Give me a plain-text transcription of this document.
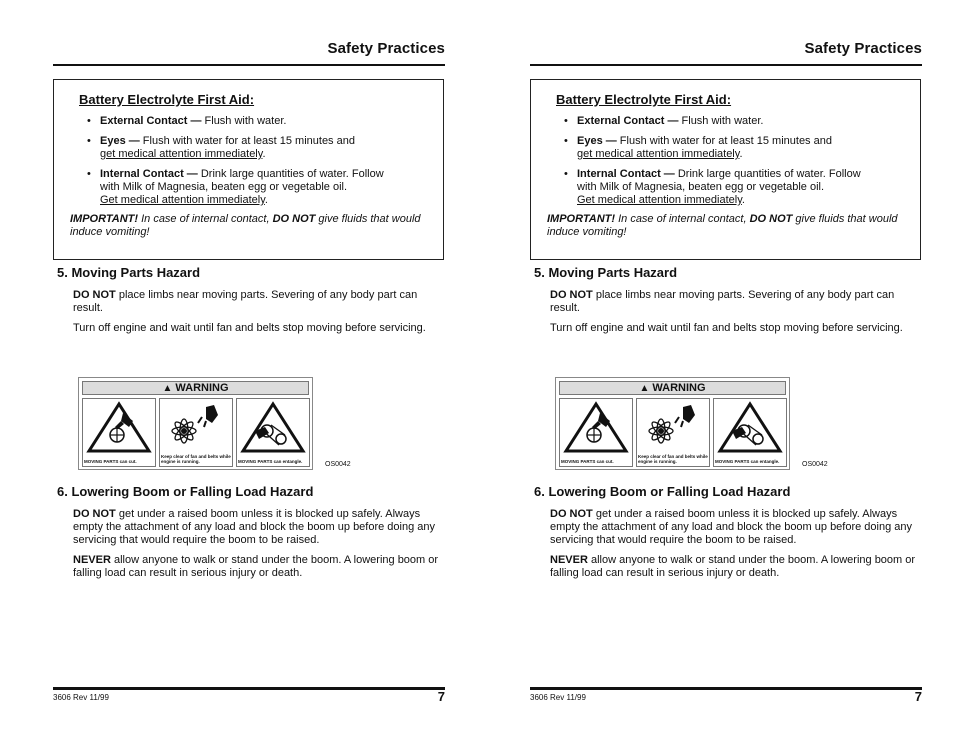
Safety Practices
Battery Electrolyte First Aid:
• External Contact — Flush with water.
• Eyes — Flush with water for at least 15 minutes and
get medical attention immediately.
• Internal Contact — Drink large quantities of water. Follow
with Milk of Magnesia, beaten egg or vegetable oil.
Get medical attention immediately.
IMPORTANT! In case of internal contact, DO NOT give fluids that would induce vomiting!
5. Moving Parts Hazard
DO NOT place limbs near moving parts. Severing of any body part can result.
Turn off engine and wait until fan and belts stop moving before servicing.
▲ WARNING
MOVING PARTS can cut.
Keep clear of fan and belts while engine is running.	MOVING PARTS can entangle.	OS0042
6. Lowering Boom or Falling Load Hazard
DO NOT get under a raised boom unless it is blocked up safely. Always empty the attachment of any load and block the boom up before doing any servicing that would require the boom to be raised.
NEVER allow anyone to walk or stand under the boom. A lowering boom or falling load can result in serious injury or death.
3606 Rev 11/99	7
Safety Practices
Battery Electrolyte First Aid:
• External Contact — Flush with water.
• Eyes — Flush with water for at least 15 minutes and
get medical attention immediately.
• Internal Contact — Drink large quantities of water. Follow
with Milk of Magnesia, beaten egg or vegetable oil.
Get medical attention immediately.
IMPORTANT! In case of internal contact, DO NOT give fluids that would induce vomiting!
5. Moving Parts Hazard
DO NOT place limbs near moving parts. Severing of any body part can result.
Turn off engine and wait until fan and belts stop moving before servicing.
▲ WARNING
MOVING PARTS can cut.
Keep clear of fan and belts while engine is running.	MOVING PARTS can entangle.	OS0042
6. Lowering Boom or Falling Load Hazard
DO NOT get under a raised boom unless it is blocked up safely. Always empty the attachment of any load and block the boom up before doing any servicing that would require the boom to be raised.
NEVER allow anyone to walk or stand under the boom. A lowering boom or falling load can result in serious injury or death.
3606 Rev 11/99	7
